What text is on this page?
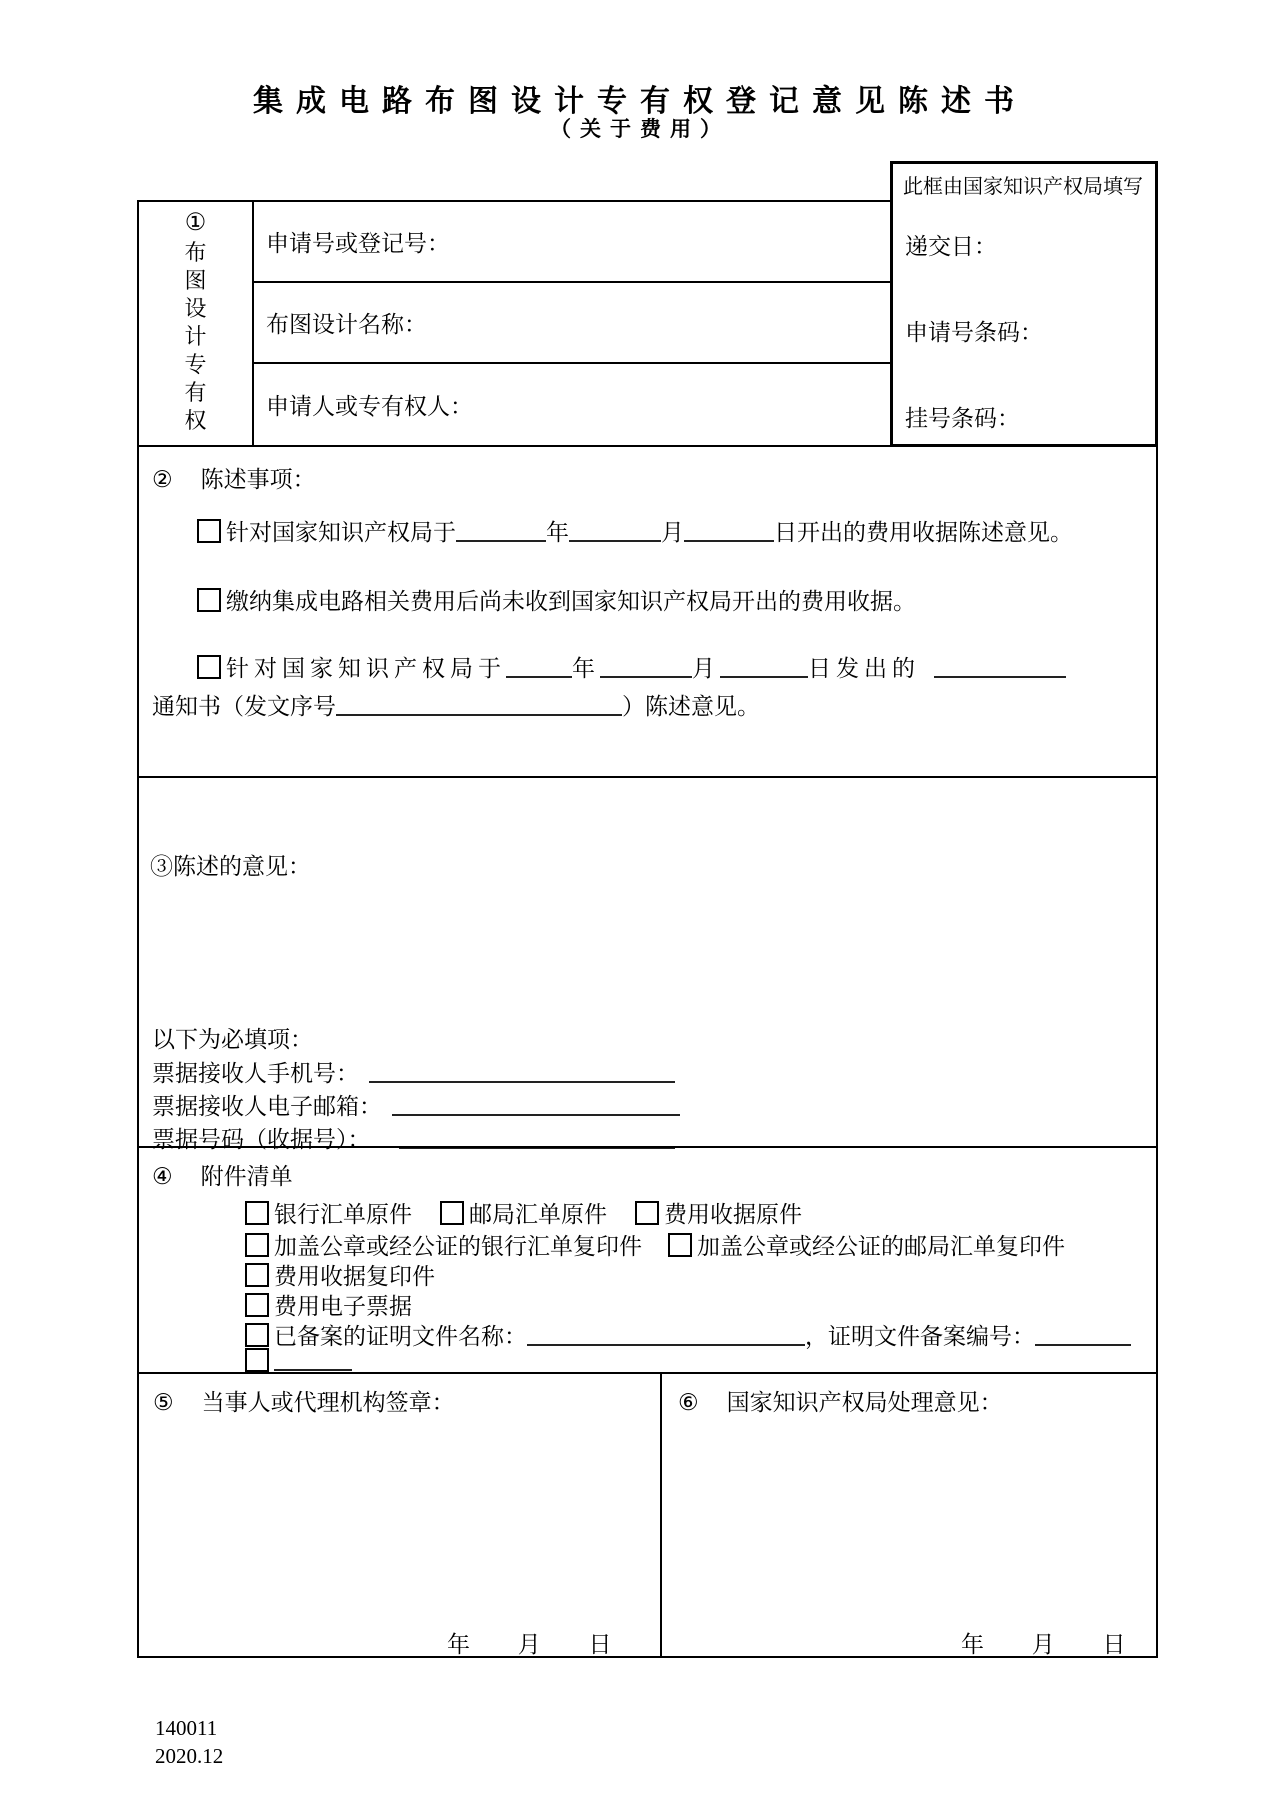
集成电路布图设计专有权登记意见陈述书
（关于费用）
①
布图设计专有权
申请号或登记号：
布图设计名称：
申请人或专有权人：
此框由国家知识产权局填写
递交日：
申请号条码：
挂号条码：
② 陈述事项：
针对国家知识产权局于	年	月	日开出的费用收据陈述意见。
缴纳集成电路相关费用后尚未收到国家知识产权局开出的费用收据。
针对国家知识产权局于	年	月	日发出的
通知书（发文序号	）陈述意见。
③陈述的意见：
以下为必填项：
票据接收人手机号：
票据接收人电子邮箱：
票据号码（收据号）：
④ 附件清单
银行汇单原件 邮局汇单原件 费用收据原件
加盖公章或经公证的银行汇单复印件 加盖公章或经公证的邮局汇单复印件
费用收据复印件
费用电子票据
已备案的证明文件名称：	，证明文件备案编号：
⑤ 当事人或代理机构签章：
年 月 日
⑥ 国家知识产权局处理意见：
年 月 日
140011
2020.12
